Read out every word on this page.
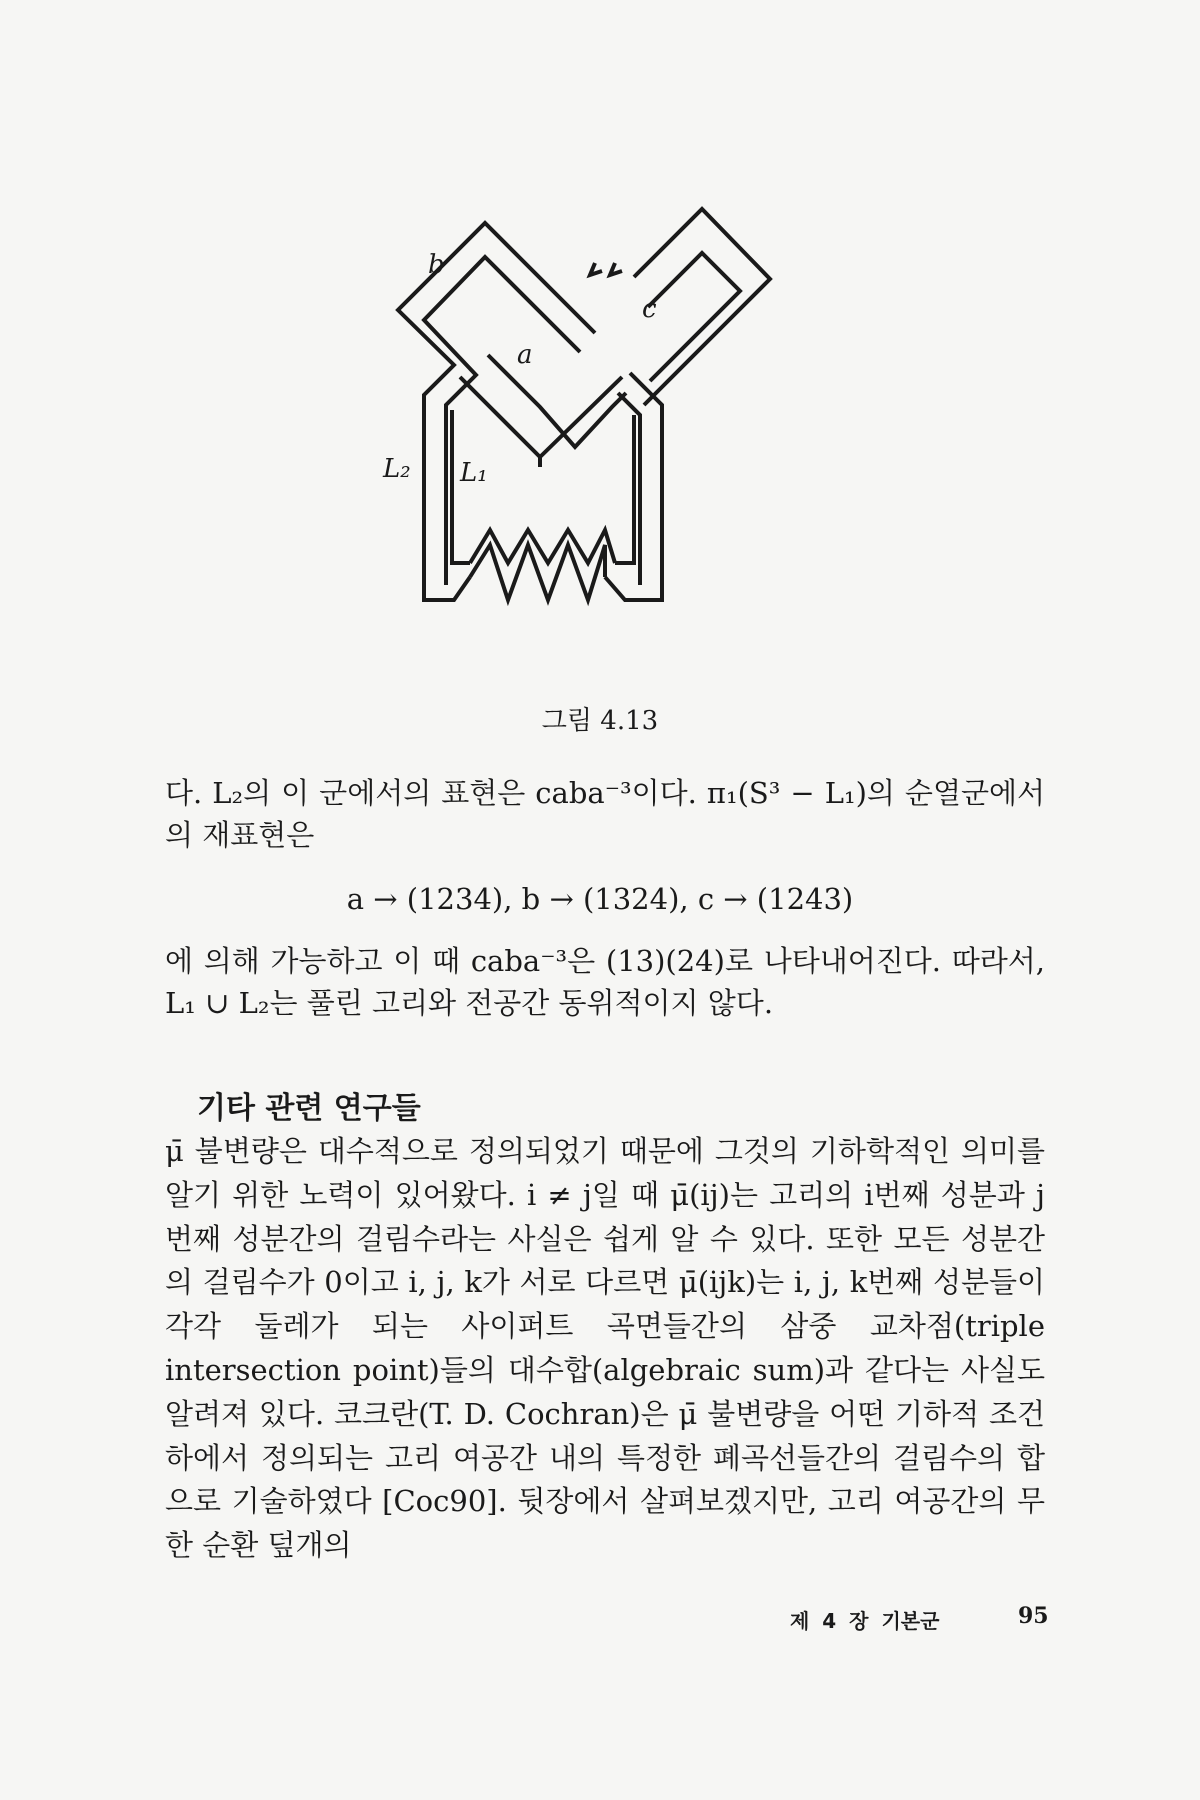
b
c
a
L₂ L₁
그림 4.13

다. L₂의 이 군에서의 표현은 caba⁻³이다. π₁(S³ − L₁)의 순열군에서의 재표현은

a → (1234), b → (1324), c → (1243)

에 의해 가능하고 이 때 caba⁻³은 (13)(24)로 나타내어진다. 따라서, L₁ ∪ L₂는 풀린 고리와 전공간 동위적이지 않다.

기타 관련 연구들

μ̄ 불변량은 대수적으로 정의되었기 때문에 그것의 기하학적인 의미를 알기 위한 노력이 있어왔다. i ≠ j일 때 μ̄(ij)는 고리의 i번째 성분과 j번째 성분간의 걸림수라는 사실은 쉽게 알 수 있다. 또한 모든 성분간의 걸림수가 0이고 i, j, k가 서로 다르면 μ̄(ijk)는 i, j, k번째 성분들이 각각 둘레가 되는 사이퍼트 곡면들간의 삼중 교차점(triple intersection point)들의 대수합(algebraic sum)과 같다는 사실도 알려져 있다. 코크란(T. D. Cochran)은 μ̄ 불변량을 어떤 기하적 조건하에서 정의되는 고리 여공간 내의 특정한 폐곡선들간의 걸림수의 합으로 기술하였다 [Coc90]. 뒷장에서 살펴보겠지만, 고리 여공간의 무한 순환 덮개의

제 4 장 기본군	95
